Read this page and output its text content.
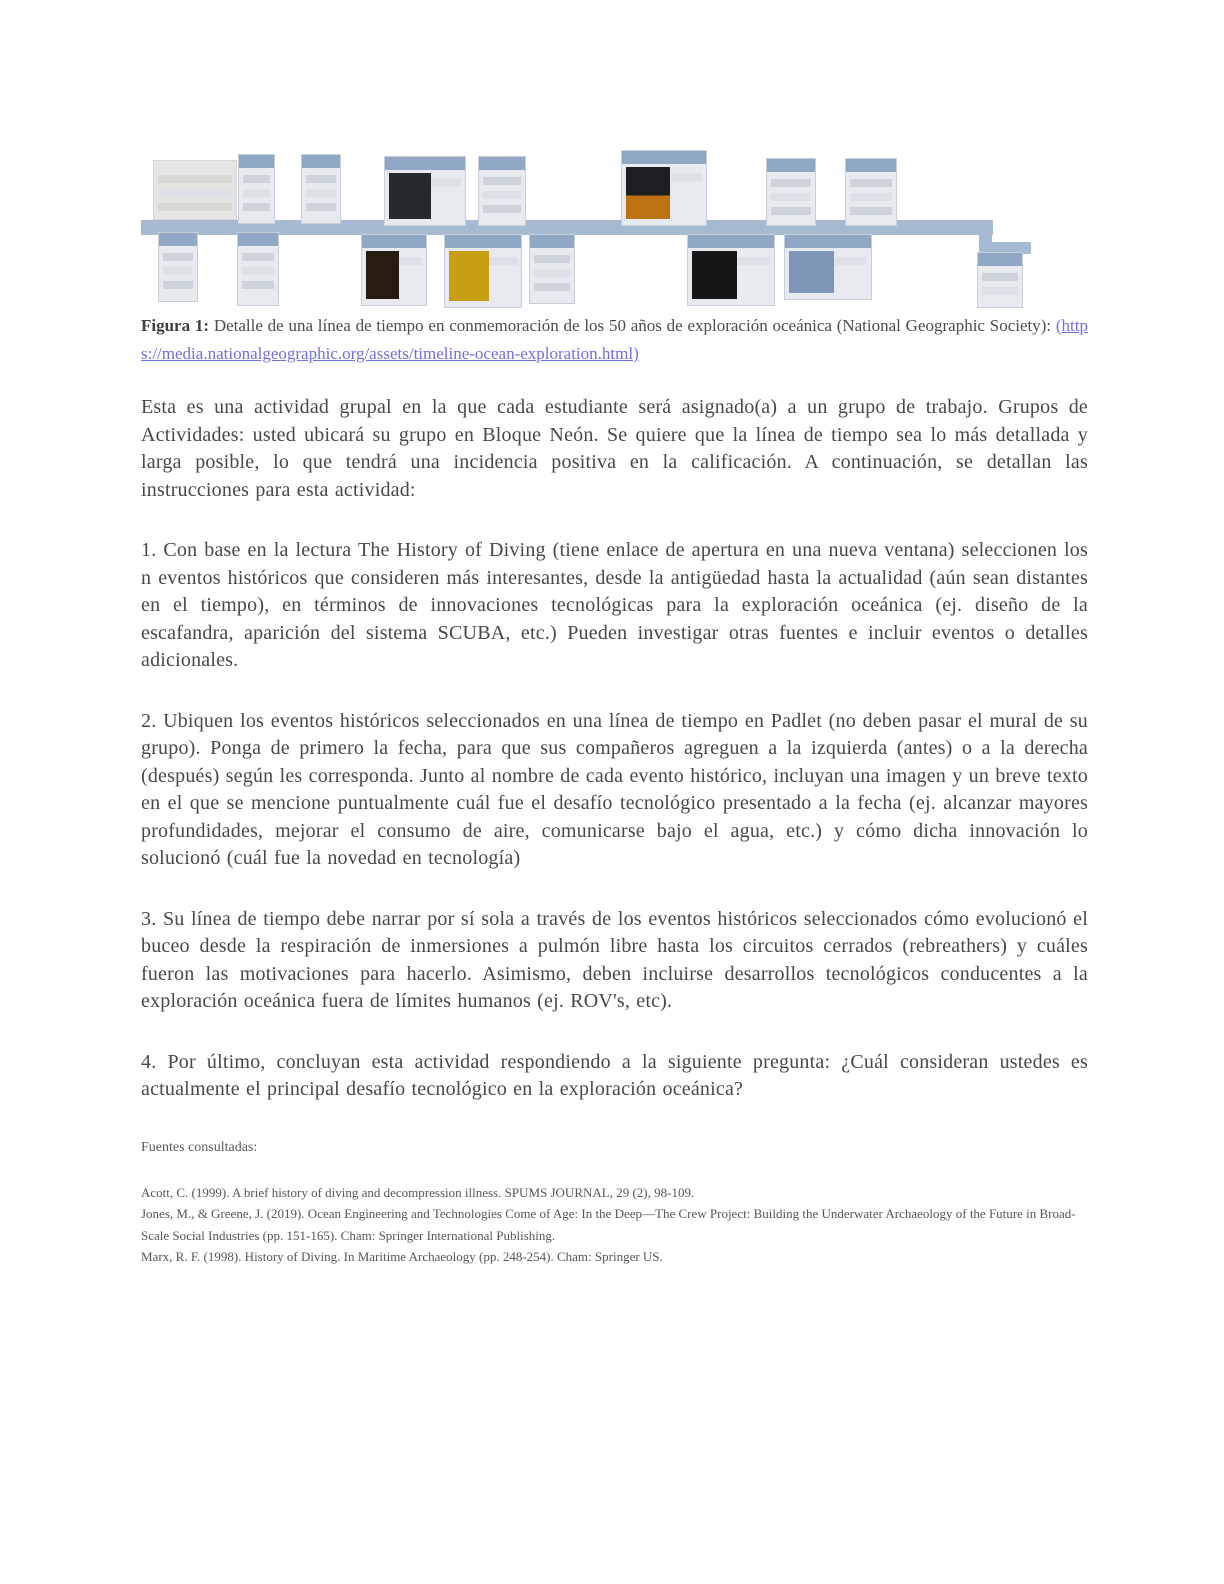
Figura 1: Detalle de una línea de tiempo en conmemoración de los 50 años de exploración oceánica (National Geographic Society): (https://media.nationalgeographic.org/assets/timeline-ocean-exploration.html)

Esta es una actividad grupal en la que cada estudiante será asignado(a) a un grupo de trabajo. Grupos de Actividades: usted ubicará su grupo en Bloque Neón. Se quiere que la línea de tiempo sea lo más detallada y larga posible, lo que tendrá una incidencia positiva en la calificación. A continuación, se detallan las instrucciones para esta actividad:

1. Con base en la lectura The History of Diving (tiene enlace de apertura en una nueva ventana) seleccionen los n eventos históricos que consideren más interesantes, desde la antigüedad hasta la actualidad (aún sean distantes en el tiempo), en términos de innovaciones tecnológicas para la exploración oceánica (ej. diseño de la escafandra, aparición del sistema SCUBA, etc.) Pueden investigar otras fuentes e incluir eventos o detalles adicionales.

2. Ubiquen los eventos históricos seleccionados en una línea de tiempo en Padlet (no deben pasar el mural de su grupo). Ponga de primero la fecha, para que sus compañeros agreguen a la izquierda (antes) o a la derecha (después) según les corresponda. Junto al nombre de cada evento histórico, incluyan una imagen y un breve texto en el que se mencione puntualmente cuál fue el desafío tecnológico presentado a la fecha (ej. alcanzar mayores profundidades, mejorar el consumo de aire, comunicarse bajo el agua, etc.) y cómo dicha innovación lo solucionó (cuál fue la novedad en tecnología)

3. Su línea de tiempo debe narrar por sí sola a través de los eventos históricos seleccionados cómo evolucionó el buceo desde la respiración de inmersiones a pulmón libre hasta los circuitos cerrados (rebreathers) y cuáles fueron las motivaciones para hacerlo. Asimismo, deben incluirse desarrollos tecnológicos conducentes a la exploración oceánica fuera de límites humanos (ej. ROV's, etc).

4. Por último, concluyan esta actividad respondiendo a la siguiente pregunta: ¿Cuál consideran ustedes es actualmente el principal desafío tecnológico en la exploración oceánica?

Fuentes consultadas:

Acott, C. (1999). A brief history of diving and decompression illness. SPUMS JOURNAL, 29 (2), 98-109.

Jones, M., & Greene, J. (2019). Ocean Engineering and Technologies Come of Age: In the Deep—The Crew Project: Building the Underwater Archaeology of the Future in Broad-Scale Social Industries (pp. 151-165). Cham: Springer International Publishing.

Marx, R. F. (1998). History of Diving. In Maritime Archaeology (pp. 248-254). Cham: Springer US.
